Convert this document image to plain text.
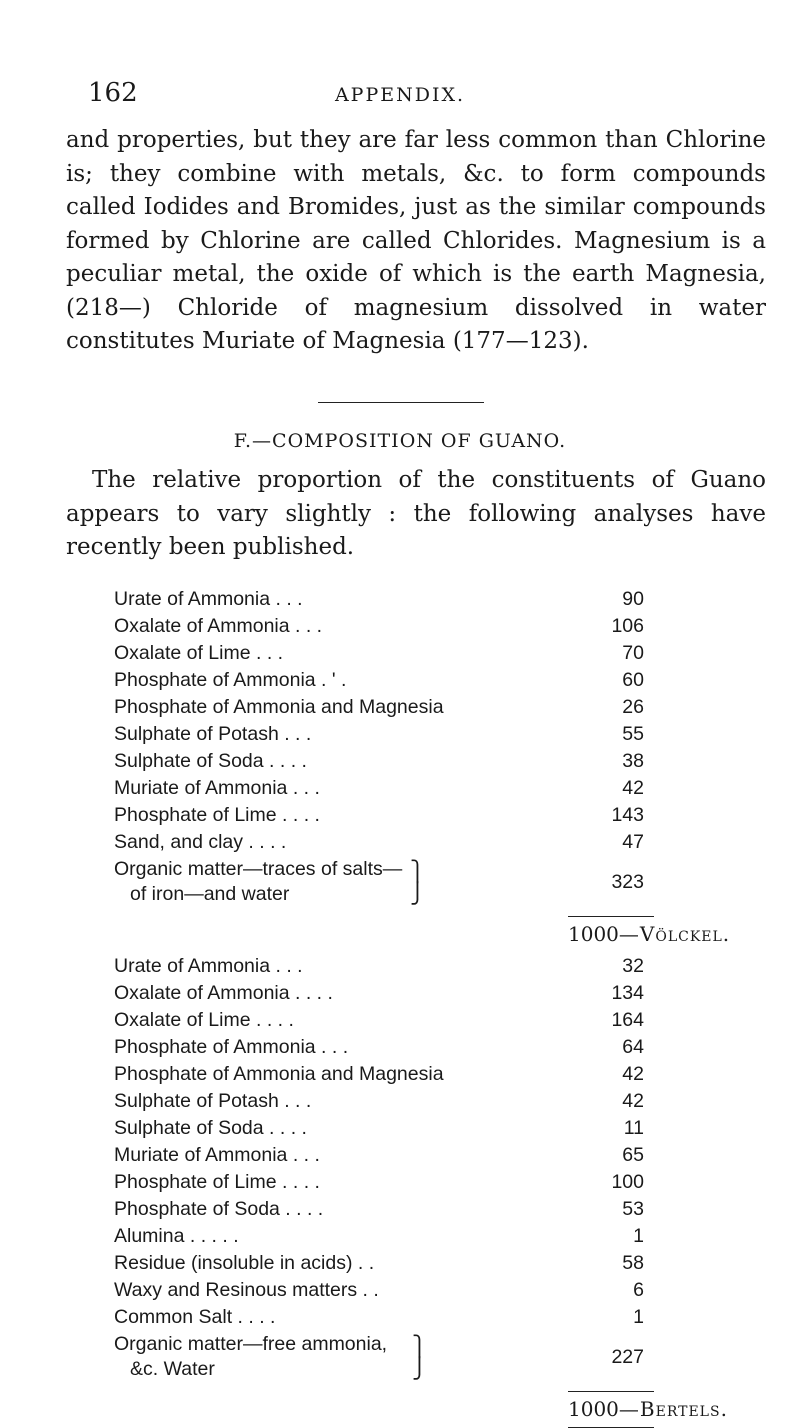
162	APPENDIX.

and properties, but they are far less common than Chlorine is; they combine with metals, &c. to form compounds called Iodides and Bromides, just as the similar compounds formed by Chlorine are called Chlorides. Magnesium is a peculiar metal, the oxide of which is the earth Magnesia, (218—) Chloride of magnesium dissolved in water constitutes Muriate of Magnesia (177—123).

F.—COMPOSITION OF GUANO.

The relative proportion of the constituents of Guano appears to vary slightly : the following analyses have recently been published.

Urate of Ammonia . . .	90
Oxalate of Ammonia . . .	106
Oxalate of Lime . . .	70
Phosphate of Ammonia . ' .	60
Phosphate of Ammonia and Magnesia	26
Sulphate of Potash . . .	55
Sulphate of Soda . . . .	38
Muriate of Ammonia . . .	42
Phosphate of Lime . . . .	143
Sand, and clay . . . .	47
Organic matter—traces of salts—
of iron—and water
⎫
⎭	323
1000—Völckel.
Urate of Ammonia . . .	32
Oxalate of Ammonia . . . .	134
Oxalate of Lime . . . .	164
Phosphate of Ammonia . . .	64
Phosphate of Ammonia and Magnesia	42
Sulphate of Potash . . .	42
Sulphate of Soda . . . .	11
Muriate of Ammonia . . .	65
Phosphate of Lime . . . .	100
Phosphate of Soda . . . .	53
Alumina . . . . .	1
Residue (insoluble in acids) . .	58
Waxy and Resinous matters . .	6
Common Salt . . . .	1
Organic matter—free ammonia,
&c. Water
⎫
⎭	227
1000—Bertels.
